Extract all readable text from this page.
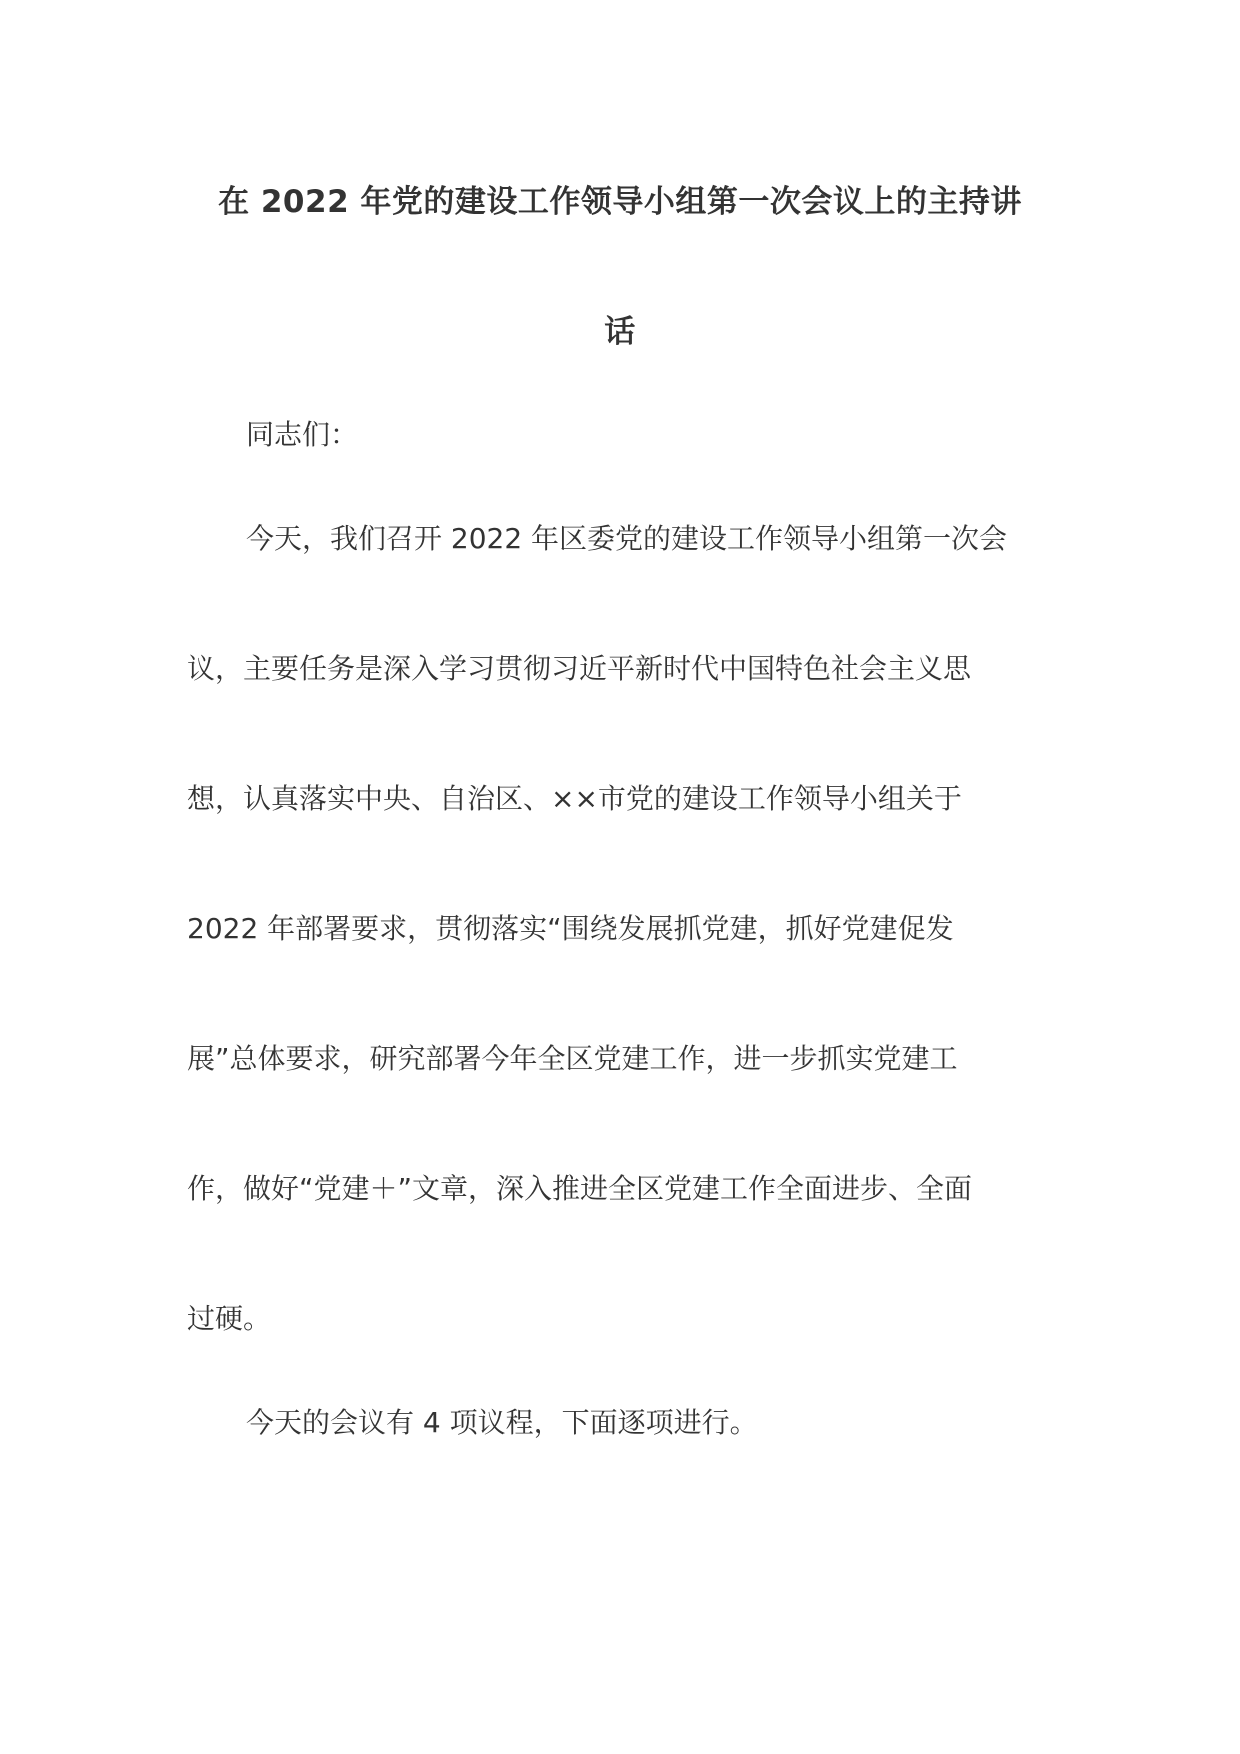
在 2022 年党的建设工作领导小组第一次会议上的主持讲
话
同志们：
今天，我们召开 2022 年区委党的建设工作领导小组第一次会
议，主要任务是深入学习贯彻习近平新时代中国特色社会主义思
想，认真落实中央、自治区、××市党的建设工作领导小组关于
2022 年部署要求，贯彻落实“围绕发展抓党建，抓好党建促发
展”总体要求，研究部署今年全区党建工作，进一步抓实党建工
作，做好“党建＋”文章，深入推进全区党建工作全面进步、全面
过硬。
今天的会议有 4 项议程，下面逐项进行。
